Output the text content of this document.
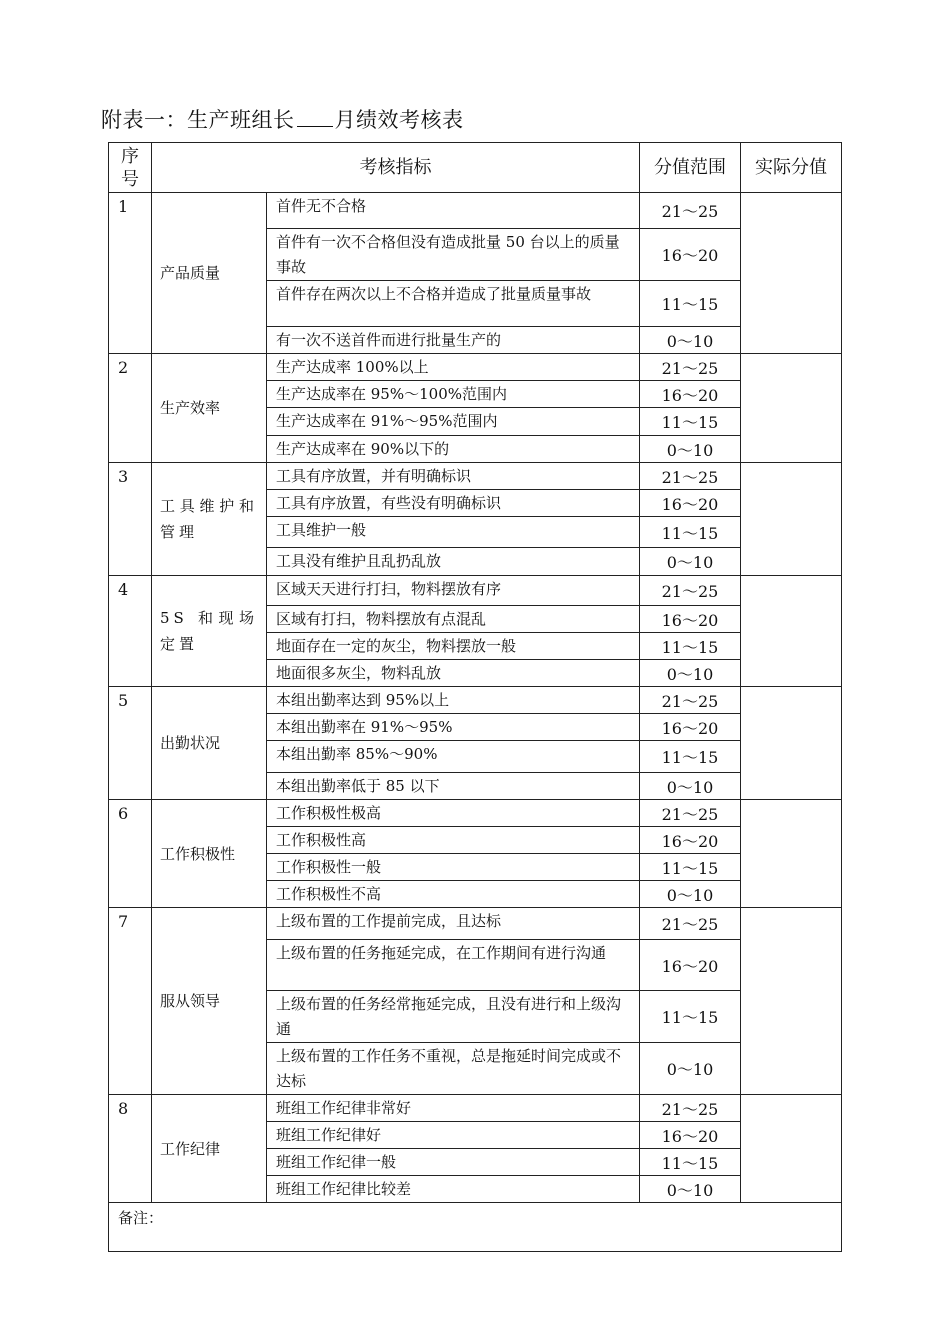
附表一：生产班组长 月绩效考核表
序号	考核指标		分值范围	实际分值
1	产品质量	首件无不合格	21～25	
		首件有一次不合格但没有造成批量 50 台以上的质量事故	16～20	
		首件存在两次以上不合格并造成了批量质量事故	11～15	
		有一次不送首件而进行批量生产的	0～10	
2	生产效率	生产达成率 100%以上	21～25	
		生产达成率在 95%～100%范围内	16～20	
		生产达成率在 91%～95%范围内	11～15	
		生产达成率在 90%以下的	0～10	
3	工具维护和管理	工具有序放置，并有明确标识	21～25	
		工具有序放置，有些没有明确标识	16～20	
		工具维护一般	11～15	
		工具没有维护且乱扔乱放	0～10	
4	5S 和现场定置	区域天天进行打扫，物料摆放有序	21～25	
		区域有打扫，物料摆放有点混乱	16～20	
		地面存在一定的灰尘，物料摆放一般	11～15	
		地面很多灰尘，物料乱放	0～10	
5	出勤状况	本组出勤率达到 95%以上	21～25	
		本组出勤率在 91%～95%	16～20	
		本组出勤率 85%～90%	11～15	
		本组出勤率低于 85 以下	0～10	
6	工作积极性	工作积极性极高	21～25	
		工作积极性高	16～20	
		工作积极性一般	11～15	
		工作积极性不高	0～10	
7	服从领导	上级布置的工作提前完成，且达标	21～25	
		上级布置的任务拖延完成，在工作期间有进行沟通	16～20	
		上级布置的任务经常拖延完成，且没有进行和上级沟通	11～15	
		上级布置的工作任务不重视，总是拖延时间完成或不达标	0～10	
8	工作纪律	班组工作纪律非常好	21～25	
		班组工作纪律好	16～20	
		班组工作纪律一般	11～15	
		班组工作纪律比较差	0～10	
备注：				
